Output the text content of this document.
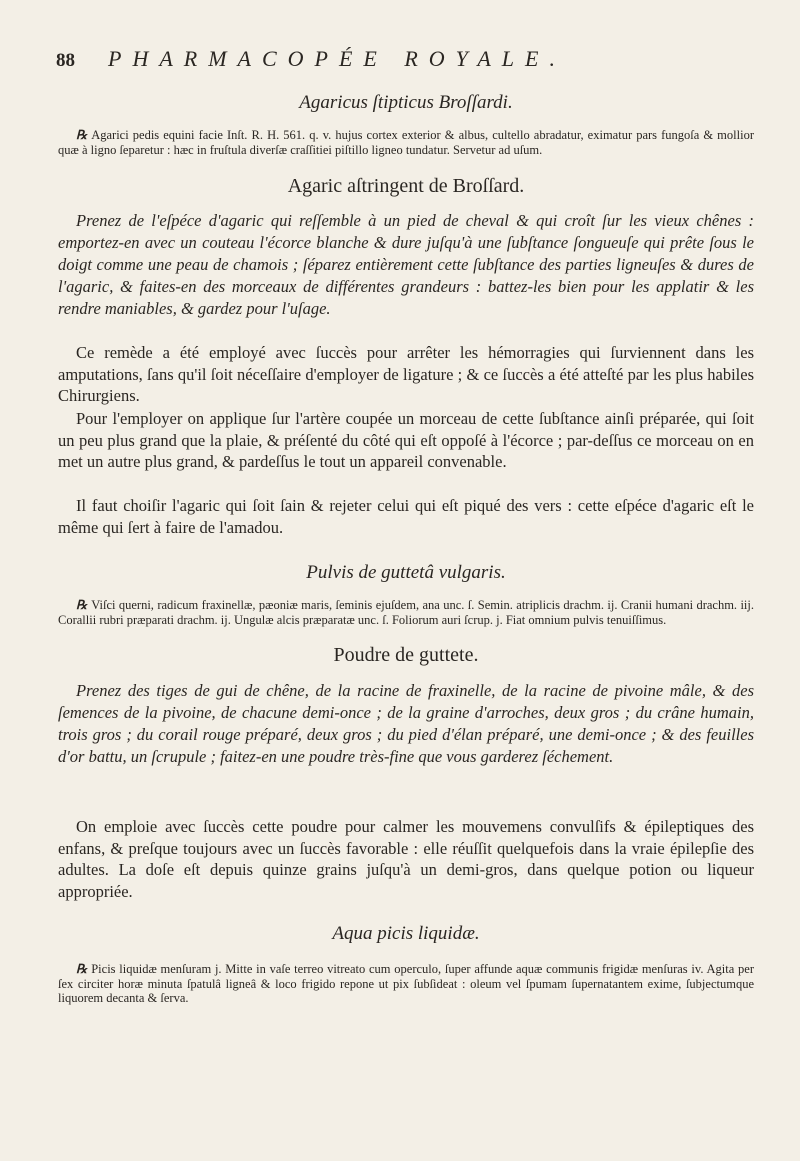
88 PHARMACOPÉE ROYALE.
Agaricus ſtipticus Broſſardi.
℞ Agarici pedis equini facie Inſt. R. H. 561. q. v. hujus cortex exterior & albus, cultello abradatur, eximatur pars fungoſa & mollior quæ à ligno ſeparetur : hæc in fruſtula diverſæ craſſitiei piſtillo ligneo tundatur. Servetur ad uſum.
Agaric aſtringent de Broſſard.
Prenez de l'eſpéce d'agaric qui reſſemble à un pied de cheval & qui croît ſur les vieux chênes : emportez-en avec un couteau l'écorce blanche & dure juſqu'à une ſubſtance ſongueuſe qui prête ſous le doigt comme une peau de chamois ; ſéparez entièrement cette ſubſtance des parties ligneuſes & dures de l'agaric, & faites-en des morceaux de différentes grandeurs : battez-les bien pour les applatir & les rendre maniables, & gardez pour l'uſage.
Ce remède a été employé avec ſuccès pour arrêter les hémorragies qui ſurviennent dans les amputations, ſans qu'il ſoit néceſſaire d'employer de ligature ; & ce ſuccès a été atteſté par les plus habiles Chirurgiens.
Pour l'employer on applique ſur l'artère coupée un morceau de cette ſubſtance ainſi préparée, qui ſoit un peu plus grand que la plaie, & préſenté du côté qui eſt oppoſé à l'écorce ; par-deſſus ce morceau on en met un autre plus grand, & pardeſſus le tout un appareil convenable.
Il faut choiſir l'agaric qui ſoit ſain & rejeter celui qui eſt piqué des vers : cette eſpéce d'agaric eſt le même qui ſert à faire de l'amadou.
Pulvis de guttetâ vulgaris.
℞ Viſci querni, radicum fraxinellæ, pæoniæ maris, ſeminis ejuſdem, ana unc. ſ. Semin. atriplicis drachm. ij. Cranii humani drachm. iij. Corallii rubri præparati drachm. ij. Ungulæ alcis præparatæ unc. ſ. Foliorum auri ſcrup. j. Fiat omnium pulvis tenuiſſimus.
Poudre de guttete.
Prenez des tiges de gui de chêne, de la racine de fraxinelle, de la racine de pivoine mâle, & des ſemences de la pivoine, de chacune demi-once ; de la graine d'arroches, deux gros ; du crâne humain, trois gros ; du corail rouge préparé, deux gros ; du pied d'élan préparé, une demi-once ; & des feuilles d'or battu, un ſcrupule ; faitez-en une poudre très-fine que vous garderez ſéchement.
On emploie avec ſuccès cette poudre pour calmer les mouvemens convulſifs & épileptiques des enfans, & preſque toujours avec un ſuccès favorable : elle réuſſit quelquefois dans la vraie épilepſie des adultes. La doſe eſt depuis quinze grains juſqu'à un demi-gros, dans quelque potion ou liqueur appropriée.
Aqua picis liquidæ.
℞ Picis liquidæ menſuram j. Mitte in vaſe terreo vitreato cum operculo, ſuper affunde aquæ communis frigidæ menſuras iv. Agita per ſex circiter horæ minuta ſpatulâ ligneâ & loco frigido repone ut pix ſubſideat : oleum vel ſpumam ſupernatantem exime, ſubjectumque liquorem decanta & ſerva.
